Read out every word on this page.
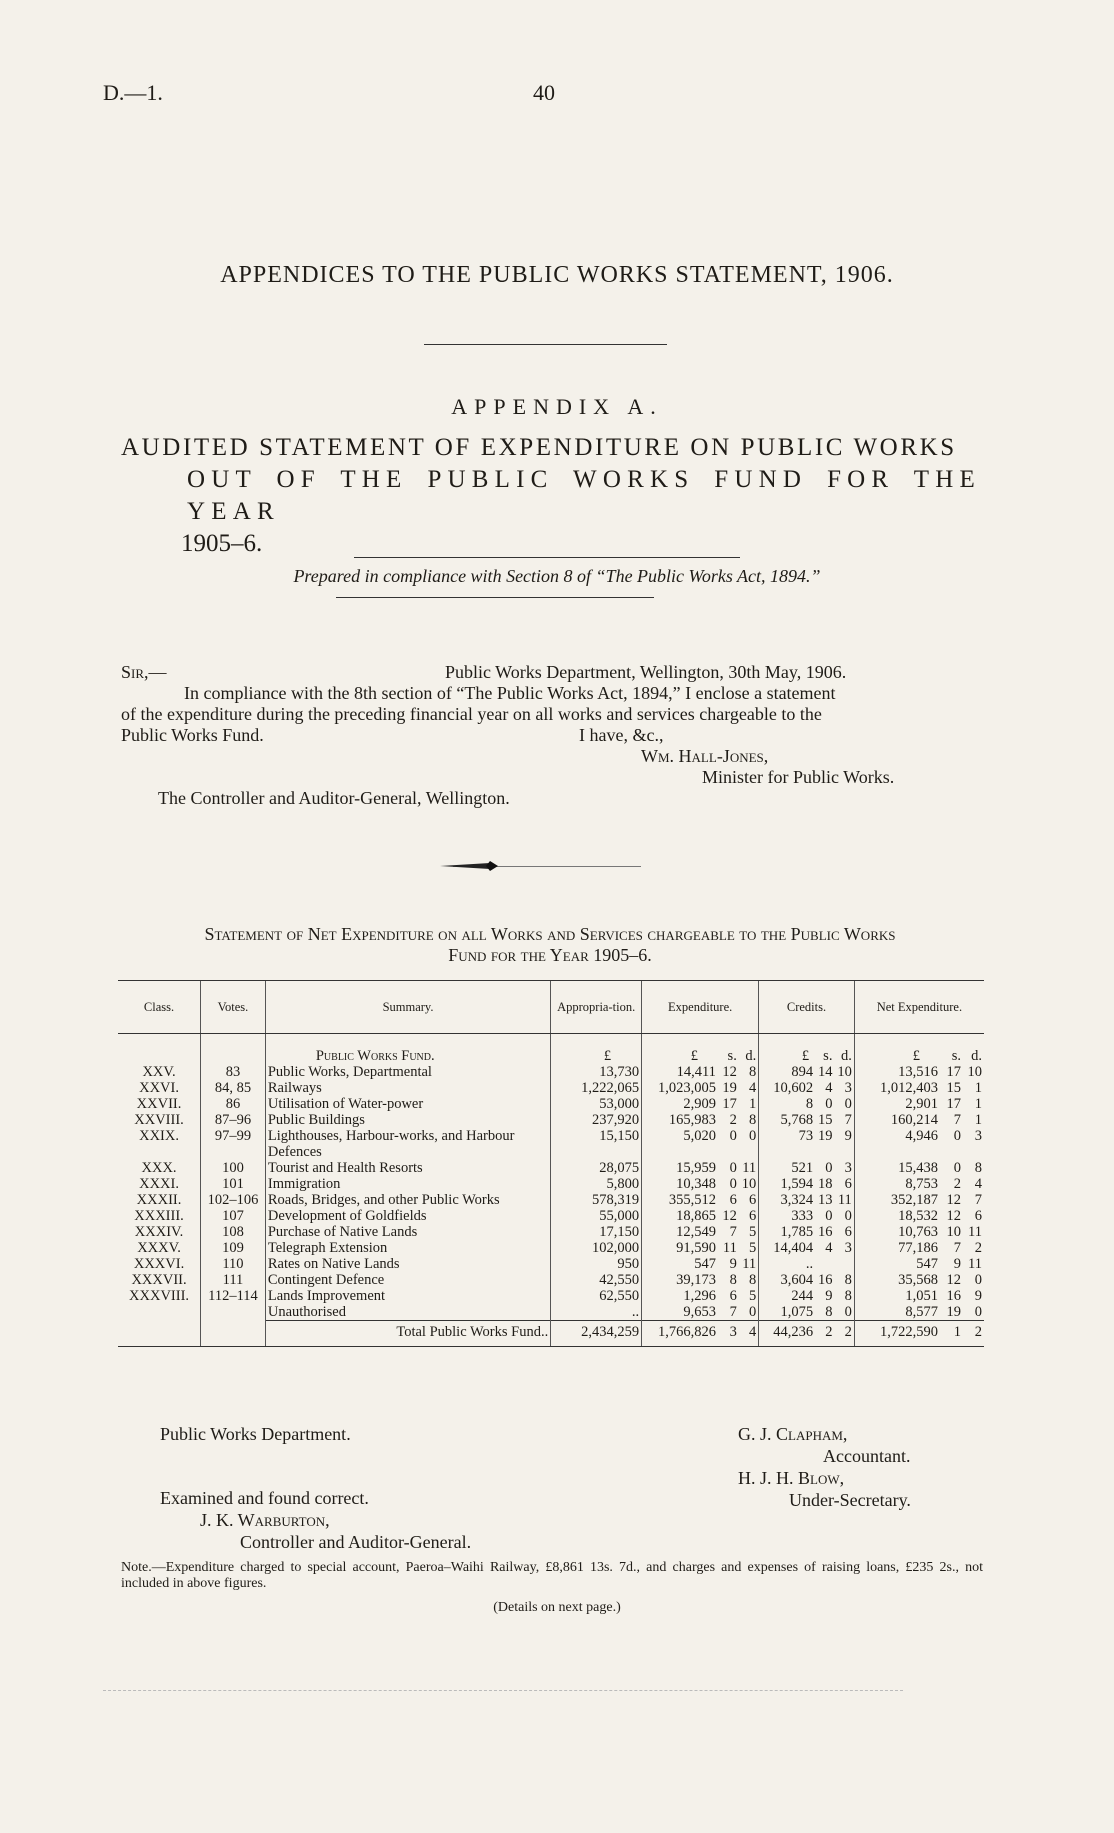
D.—1.	40
APPENDICES TO THE PUBLIC WORKS STATEMENT, 1906.
APPENDIX A.
AUDITED STATEMENT OF EXPENDITURE ON PUBLIC WORKS
OUT OF THE PUBLIC WORKS FUND FOR THE YEAR
1905–6.
Prepared in compliance with Section 8 of “The Public Works Act, 1894.”
Sir,—	Public Works Department, Wellington, 30th May, 1906.
In compliance with the 8th section of “The Public Works Act, 1894,” I enclose a statement
of the expenditure during the preceding financial year on all works and services chargeable to the
Public Works Fund.	I have, &c.,
Wm. Hall-Jones,
Minister for Public Works.
The Controller and Auditor-General, Wellington.
Statement of Net Expenditure on all Works and Services chargeable to the Public Works
Fund for the Year 1905–6.
Class.	Votes.	Summary.	Appropria-tion.	Expenditure.			Credits.			Net Expenditure.		

		Public Works Fund.	£	£	s.	d.	£	s.	d.	£	s.	d.
XXV.	83	Public Works, Departmental	13,730	14,411	12	8	894	14	10	13,516	17	10
XXVI.	84, 85	Railways	1,222,065	1,023,005	19	4	10,602	4	3	1,012,403	15	1
XXVII.	86	Utilisation of Water-power	53,000	2,909	17	1	8	0	0	2,901	17	1
XXVIII.	87–96	Public Buildings	237,920	165,983	2	8	5,768	15	7	160,214	7	1
XXIX.	97–99	Lighthouses, Harbour-works, and Harbour Defences	15,150	5,020	0	0	73	19	9	4,946	0	3
XXX.	100	Tourist and Health Resorts	28,075	15,959	0	11	521	0	3	15,438	0	8
XXXI.	101	Immigration	5,800	10,348	0	10	1,594	18	6	8,753	2	4
XXXII.	102–106	Roads, Bridges, and other Public Works	578,319	355,512	6	6	3,324	13	11	352,187	12	7
XXXIII.	107	Development of Goldfields	55,000	18,865	12	6	333	0	0	18,532	12	6
XXXIV.	108	Purchase of Native Lands	17,150	12,549	7	5	1,785	16	6	10,763	10	11
XXXV.	109	Telegraph Extension	102,000	91,590	11	5	14,404	4	3	77,186	7	2
XXXVI.	110	Rates on Native Lands	950	547	9	11	..			547	9	11
XXXVII.	111	Contingent Defence	42,550	39,173	8	8	3,604	16	8	35,568	12	0
XXXVIII.	112–114	Lands Improvement	62,550	1,296	6	5	244	9	8	1,051	16	9
		Unauthorised	..	9,653	7	0	1,075	8	0	8,577	19	0
		Total Public Works Fund..	2,434,259	1,766,826	3	4	44,236	2	2	1,722,590	1	2

Public Works Department.	G. J. Clapham,
Accountant.
H. J. H. Blow,
Under-Secretary.
Examined and found correct.
J. K. Warburton,
Controller and Auditor-General.
Note.—Expenditure charged to special account, Paeroa–Waihi Railway, £8,861 13s. 7d., and charges and expenses of raising loans, £235 2s., not included in above figures.
(Details on next page.)
